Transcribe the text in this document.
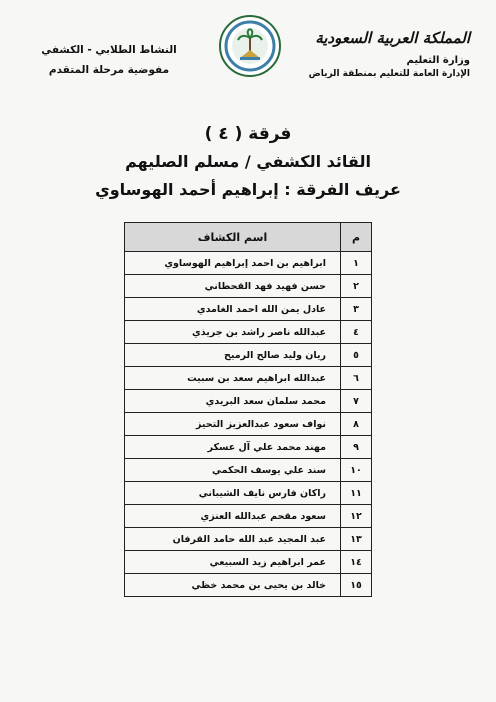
المملكة العربية السعودية
وزارة التعليم
الإدارة العامة للتعليم بمنطقة الرياض
النشاط الطلابي - الكشفي
مفوضية مرحلة المتقدم
فرقة ( ٤ )
القائد الكشفي / مسلم الصليهم
عريف الفرقة : إبراهيم أحمد الهوساوي
م	اسم الكشاف
١	ابراهيم بن احمد إبراهيم الهوساوي
٢	حسن فهيد فهد القحطاني
٣	عادل يمن الله احمد الغامدي
٤	عبدالله ناصر راشد بن جريذي
٥	ريان وليد صالح الرميح
٦	عبدالله ابراهيم سعد بن سبيت
٧	محمد سلمان سعد البريدي
٨	نواف سعود عبدالعزيز التحيز
٩	مهند محمد علي آل عسكر
١٠	سند علي يوسف الحكمي
١١	راكان فارس نايف الشيباني
١٢	سعود مقحم عبدالله العنزي
١٣	عبد المجيد عبد الله حامد القرفان
١٤	عمر ابراهيم زيد السبيعي
١٥	خالد بن يحيى بن محمد خظي
